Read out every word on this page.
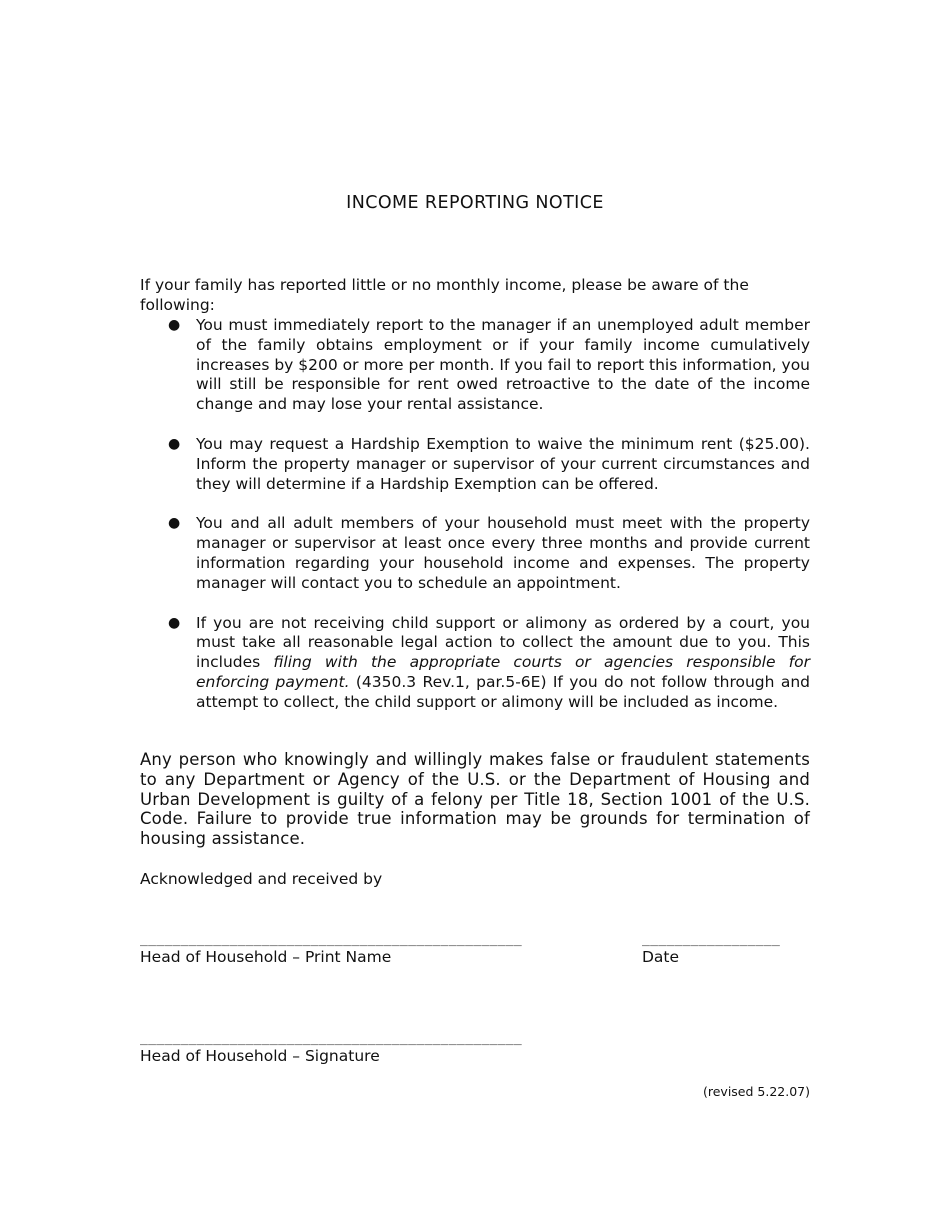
INCOME REPORTING NOTICE
If your family has reported little or no monthly income, please be aware of the following:
● You must immediately report to the manager if an unemployed adult member of the family obtains employment or if your family income cumulatively increases by $200 or more per month. If you fail to report this information, you will still be responsible for rent owed retroactive to the date of the income change and may lose your rental assistance.
● You may request a Hardship Exemption to waive the minimum rent ($25.00). Inform the property manager or supervisor of your current circumstances and they will determine if a Hardship Exemption can be offered.
● You and all adult members of your household must meet with the property manager or supervisor at least once every three months and provide current information regarding your household income and expenses. The property manager will contact you to schedule an appointment.
● If you are not receiving child support or alimony as ordered by a court, you must take all reasonable legal action to collect the amount due to you. This includes filing with the appropriate courts or agencies responsible for enforcing payment. (4350.3 Rev.1, par.5-6E) If you do not follow through and attempt to collect, the child support or alimony will be included as income.
Any person who knowingly and willingly makes false or fraudulent statements to any Department or Agency of the U.S. or the Department of Housing and Urban Development is guilty of a felony per Title 18, Section 1001 of the U.S. Code. Failure to provide true information may be grounds for termination of housing assistance.
Acknowledged and received by
_______________________________________________
Head of Household – Print Name
_________________
Date
_______________________________________________
Head of Household – Signature
(revised 5.22.07)
